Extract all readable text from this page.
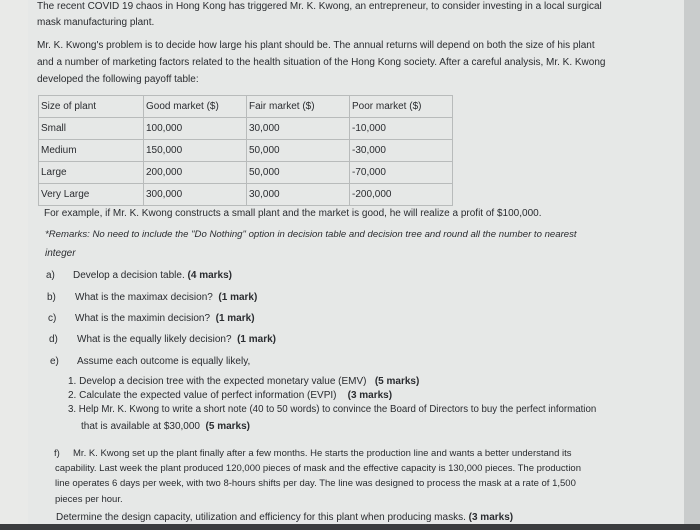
The recent COVID 19 chaos in Hong Kong has triggered Mr. K. Kwong, an entrepreneur, to consider investing in a local surgical
mask manufacturing plant.
Mr. K. Kwong's problem is to decide how large his plant should be. The annual returns will depend on both the size of his plant
and a number of marketing factors related to the health situation of the Hong Kong society. After a careful analysis, Mr. K. Kwong
developed the following payoff table:
Size of plant	Good market ($)	Fair market ($)	Poor market ($)
Small	100,000	30,000	-10,000
Medium	150,000	50,000	-30,000
Large	200,000	50,000	-70,000
Very Large	300,000	30,000	-200,000
For example, if Mr. K. Kwong constructs a small plant and the market is good, he will realize a profit of $100,000.
*Remarks: No need to include the "Do Nothing" option in decision table and decision tree and round all the number to nearest
integer
a) Develop a decision table. (4 marks)
b) What is the maximax decision? (1 mark)
c) What is the maximin decision? (1 mark)
d) What is the equally likely decision? (1 mark)
e) Assume each outcome is equally likely,
1. Develop a decision tree with the expected monetary value (EMV) (5 marks)
2. Calculate the expected value of perfect information (EVPI) (3 marks)
3. Help Mr. K. Kwong to write a short note (40 to 50 words) to convince the Board of Directors to buy the perfect information
that is available at $30,000 (5 marks)
f) Mr. K. Kwong set up the plant finally after a few months. He starts the production line and wants a better understand its
capability. Last week the plant produced 120,000 pieces of mask and the effective capacity is 130,000 pieces. The production
line operates 6 days per week, with two 8-hours shifts per day. The line was designed to process the mask at a rate of 1,500
pieces per hour.
Determine the design capacity, utilization and efficiency for this plant when producing masks. (3 marks)
